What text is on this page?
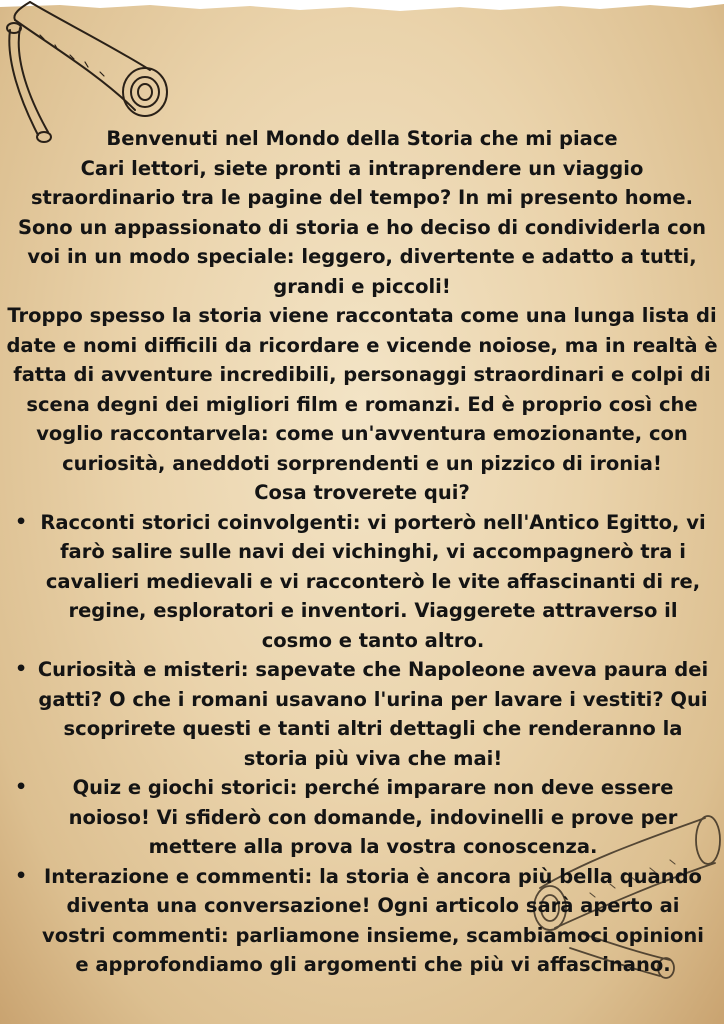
Benvenuti nel Mondo della Storia che mi piace

Cari lettori, siete pronti a intraprendere un viaggio straordinario tra le pagine del tempo? In mi presento home. Sono un appassionato di storia e ho deciso di condividerla con voi in un modo speciale: leggero, divertente e adatto a tutti, grandi e piccoli!

Troppo spesso la storia viene raccontata come una lunga lista di date e nomi difficili da ricordare e vicende noiose, ma in realtà è fatta di avventure incredibili, personaggi straordinari e colpi di scena degni dei migliori film e romanzi. Ed è proprio così che voglio raccontarvela: come un'avventura emozionante, con curiosità, aneddoti sorprendenti e un pizzico di ironia!

Cosa troverete qui?

• Racconti storici coinvolgenti: vi porterò nell'Antico Egitto, vi farò salire sulle navi dei vichinghi, vi accompagnerò tra i cavalieri medievali e vi racconterò le vite affascinanti di re, regine, esploratori e inventori. Viaggerete attraverso il cosmo e tanto altro.
• Curiosità e misteri: sapevate che Napoleone aveva paura dei gatti? O che i romani usavano l'urina per lavare i vestiti? Qui scoprirete questi e tanti altri dettagli che renderanno la storia più viva che mai!
• Quiz e giochi storici: perché imparare non deve essere noioso! Vi sfiderò con domande, indovinelli e prove per mettere alla prova la vostra conoscenza.
• Interazione e commenti: la storia è ancora più bella quando diventa una conversazione! Ogni articolo sarà aperto ai vostri commenti: parliamone insieme, scambiamoci opinioni e approfondiamo gli argomenti che più vi affascinano.
